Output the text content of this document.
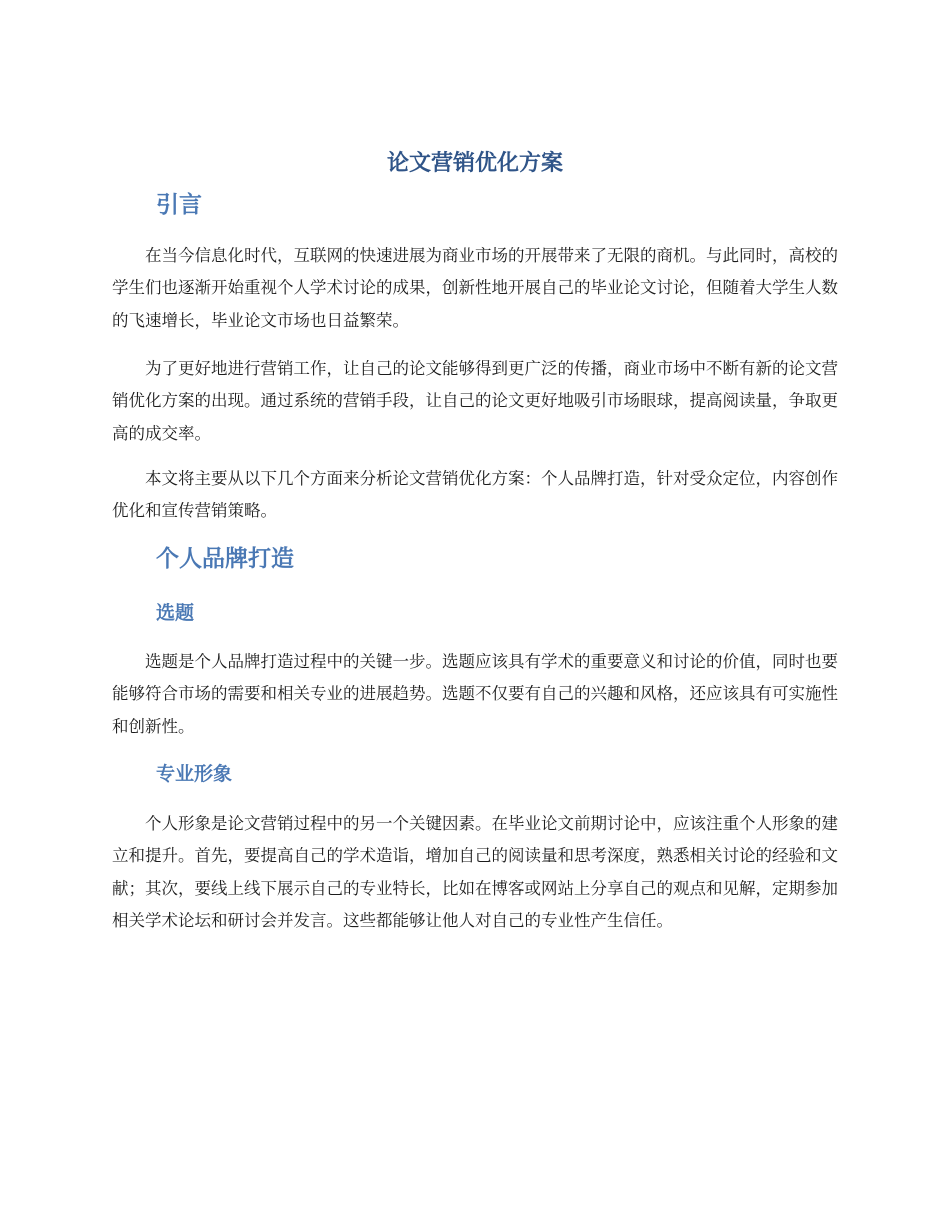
论文营销优化方案
引言

在当今信息化时代，互联网的快速进展为商业市场的开展带来了无限的商机。与此同时，高校的学生们也逐渐开始重视个人学术讨论的成果，创新性地开展自己的毕业论文讨论，但随着大学生人数的飞速增长，毕业论文市场也日益繁荣。

为了更好地进行营销工作，让自己的论文能够得到更广泛的传播，商业市场中不断有新的论文营销优化方案的出现。通过系统的营销手段，让自己的论文更好地吸引市场眼球，提高阅读量，争取更高的成交率。

本文将主要从以下几个方面来分析论文营销优化方案：个人品牌打造，针对受众定位，内容创作优化和宣传营销策略。

个人品牌打造
选题

选题是个人品牌打造过程中的关键一步。选题应该具有学术的重要意义和讨论的价值，同时也要能够符合市场的需要和相关专业的进展趋势。选题不仅要有自己的兴趣和风格，还应该具有可实施性和创新性。

专业形象

个人形象是论文营销过程中的另一个关键因素。在毕业论文前期讨论中，应该注重个人形象的建立和提升。首先，要提高自己的学术造诣，增加自己的阅读量和思考深度，熟悉相关讨论的经验和文献；其次，要线上线下展示自己的专业特长，比如在博客或网站上分享自己的观点和见解，定期参加相关学术论坛和研讨会并发言。这些都能够让他人对自己的专业性产生信任。
